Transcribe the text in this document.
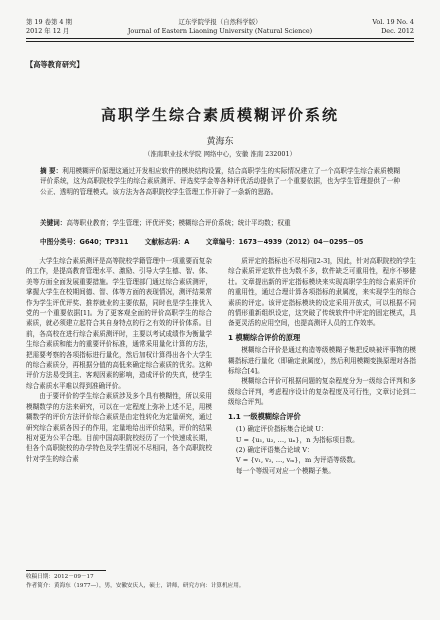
第 19 卷第 4 期
2012 年 12 月
辽东学院学报（自然科学版）
Journal of Eastern Liaoning University (Natural Science)
Vol. 19 No. 4
Dec. 2012
【高等教育研究】
高职学生综合素质模糊评价系统
黄海东
（淮南职业技术学院 网络中心，安徽 淮南 232001）
摘 要：利用模糊评价原理这通过开发相应软件的模块结构设置，结合高职学生的实际情况建立了一个高职学生综合素质模糊评价系统，这为高职院校学生的综合素质测评、评选奖学金等各种评优活动提供了一个重要依据，也为学生管理提供了一种公正、透明的管理模式。该方法为各高职院校学生管理工作开辟了一条新的思路。
关键词：高等职业教育；学生管理；评优评奖；模糊综合评价系统；统计平均数；权重
中图分类号：G640；TP311 文献标志码：A 文章编号：1673－4939（2012）04－0295－05

大学生综合素质测评是高等院校学籍管理中一项重要而复杂的工作，是提高教育管理水平、激励、引导大学生德、智、体、美等方面全面发展重要措施。学生管理部门通过综合素质测评，掌握大学生在校期间德、智、体等方面的表现情况，测评结果常作为学生评优评奖、推荐就业的主要依据，同时也是学生推优入党的一个重要依据[1]。为了更客观全面的评价高职学生的综合素质，就必须建立起符合其自身特点的行之有效的评价体系。目前，各高校在进行综合素质测评时，主要以考试成绩作为衡量学生综合素质和能力的重要评价标准，通常采用量化计算的方法，把需要考察的各项指标进行量化，然后加权计算得出各个大学生的综合素质分，再根据分值的高低来确定综合素质的优劣。这种评价方法易受到主、客观因素的影响，造成评价的失真，使学生综合素质水平难以得到准确评价。

由于要评价的学生综合素质涉及多个具有模糊性，所以采用模糊数学的方法来研究，可以在一定程度上弥补上述不足，用模糊数学的评价方法评价综合素质是由定性转化为定量研究，通过研究综合素质各因子的作用，定量地给出评价结果，评价的结果相对更为公平合理。目前中国高职院校经历了一个快速成长期，但各个高职院校的办学特色及学生情况不尽相同，各个高职院校针对学生的综合素

质评定的指标也不尽相同[2-3]，因此，针对高职院校的学生综合素质评定软件也为数不多，软件缺乏可重用性，程序不够健壮。文章提出新的评定指标模块来实现高职学生的综合素质评价的重用性，通过合理计算各项指标的隶属度，来实现学生的综合素质的评定。该评定指标模块的设定采用开放式，可以根据不同的情形重新组织设定，这突破了传统软件中评定的固定模式，具备更灵活的应用空间，也提高测评人员的工作效率。

1 模糊综合评价的原理

模糊综合评价是通过构造等级模糊子集把反映被评事物的模糊指标进行量化（即确定隶属度），然后利用模糊变换原理对各指标综合[4]。

模糊综合评价可根据问题的复杂程度分为一级综合评判和多级综合评判，考虑程序设计的复杂程度及可行性，文章讨论到二级综合评判。

1.1 一级模糊综合评价
(1) 确定评价指标集合论域 U：
U = {u₁, u₂, …, uₙ}，n 为指标项目数。
(2) 确定评语集合论域 V：
V = {v₁, v₂, …, vₘ}，m 为评语等级数。
每一个等级可对应一个模糊子集。
收稿日期：2012－09－17
作者简介：黄海东（1977—），男，安徽安庆人，硕士，讲师，研究方向：计算机应用。
